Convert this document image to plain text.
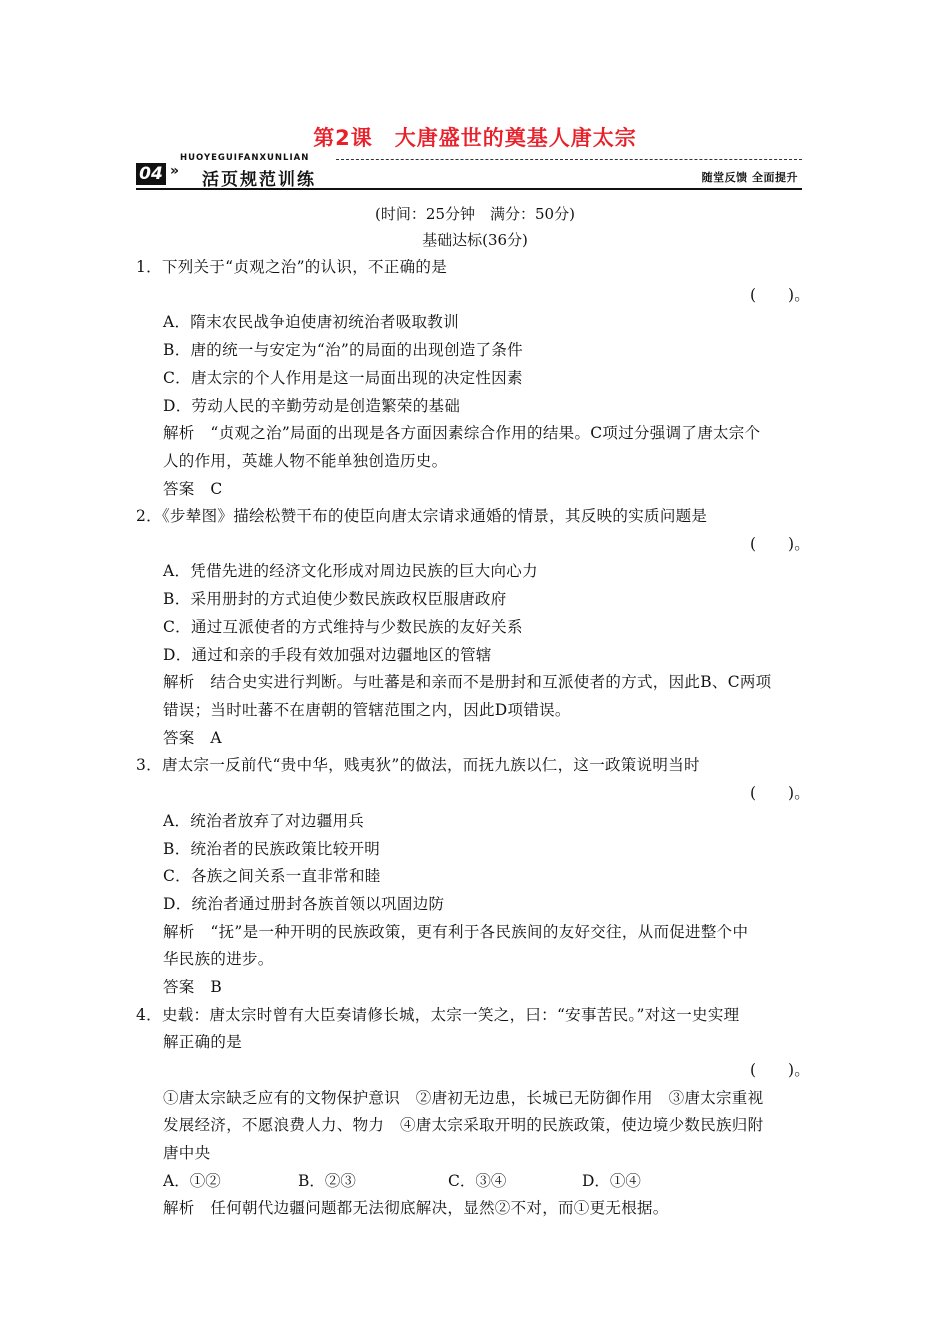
第2课　大唐盛世的奠基人唐太宗
HUOYEGUIFANXUNLIAN
04 » 活页规范训练	随堂反馈 全面提升
(时间：25分钟　满分：50分)
基础达标(36分)
1．下列关于“贞观之治”的认识，不正确的是
(　　)。
A．隋末农民战争迫使唐初统治者吸取教训
B．唐的统一与安定为“治”的局面的出现创造了条件
C．唐太宗的个人作用是这一局面出现的决定性因素
D．劳动人民的辛勤劳动是创造繁荣的基础
解析　“贞观之治”局面的出现是各方面因素综合作用的结果。C项过分强调了唐太宗个
人的作用，英雄人物不能单独创造历史。
答案　C
2．《步辇图》描绘松赞干布的使臣向唐太宗请求通婚的情景，其反映的实质问题是
(　　)。
A．凭借先进的经济文化形成对周边民族的巨大向心力
B．采用册封的方式迫使少数民族政权臣服唐政府
C．通过互派使者的方式维持与少数民族的友好关系
D．通过和亲的手段有效加强对边疆地区的管辖
解析　结合史实进行判断。与吐蕃是和亲而不是册封和互派使者的方式，因此B、C两项
错误；当时吐蕃不在唐朝的管辖范围之内，因此D项错误。
答案　A
3．唐太宗一反前代“贵中华，贱夷狄”的做法，而抚九族以仁，这一政策说明当时
(　　)。
A．统治者放弃了对边疆用兵
B．统治者的民族政策比较开明
C．各族之间关系一直非常和睦
D．统治者通过册封各族首领以巩固边防
解析　“抚”是一种开明的民族政策，更有利于各民族间的友好交往，从而促进整个中
华民族的进步。
答案　B
4．史载：唐太宗时曾有大臣奏请修长城，太宗一笑之，曰：“安事苦民。”对这一史实理
解正确的是
(　　)。
①唐太宗缺乏应有的文物保护意识　②唐初无边患，长城已无防御作用　③唐太宗重视
发展经济，不愿浪费人力、物力　④唐太宗采取开明的民族政策，使边境少数民族归附
唐中央
A．①②	B．②③	C．③④	D．①④
解析　任何朝代边疆问题都无法彻底解决，显然②不对，而①更无根据。
